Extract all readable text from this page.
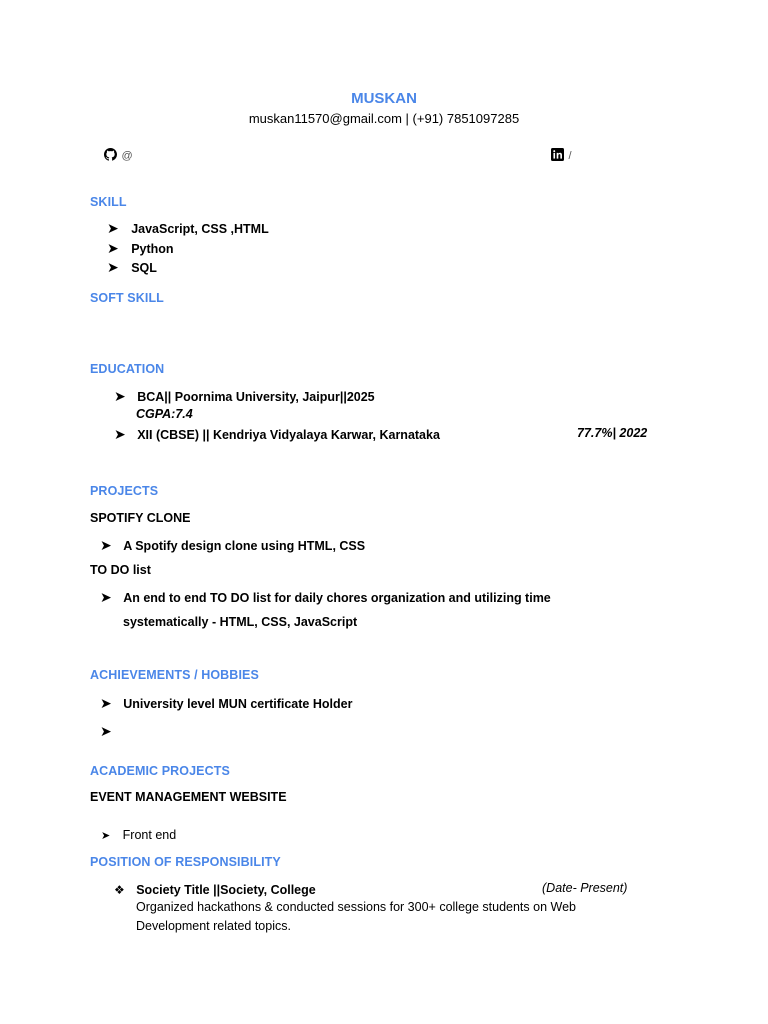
MUSKAN
muskan11570@gmail.com | (+91) 7851097285
@	/
SKILL
➤ JavaScript, CSS ,HTML
➤ Python
➤ SQL
SOFT SKILL
EDUCATION
➤ BCA|| Poornima University, Jaipur||2025
CGPA:7.4
➤ XII (CBSE) || Kendriya Vidyalaya Karwar, Karnataka	77.7%| 2022
PROJECTS
SPOTIFY CLONE
➤ A Spotify design clone using HTML, CSS
TO DO list
➤ An end to end TO DO list for daily chores organization and utilizing time
systematically - HTML, CSS, JavaScript
ACHIEVEMENTS / HOBBIES
➤ University level MUN certificate Holder
➤
ACADEMIC PROJECTS
EVENT MANAGEMENT WEBSITE
➤ Front end
POSITION OF RESPONSIBILITY
❖ Society Title ||Society, College	(Date- Present)
Organized hackathons & conducted sessions for 300+ college students on Web
Development related topics.
